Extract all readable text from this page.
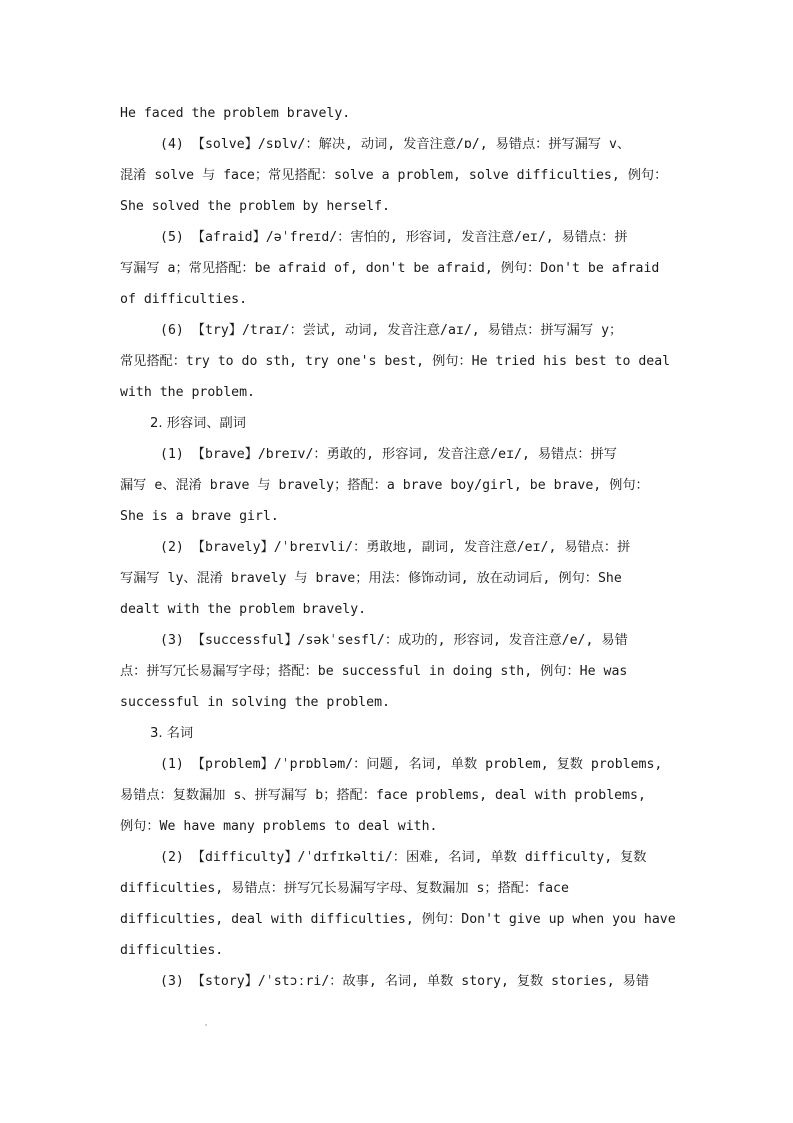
He faced the problem bravely.
(4) 【solve】/sɒlv/：解决, 动词, 发音注意/ɒ/, 易错点：拼写漏写 v、
混淆 solve 与 face；常见搭配：solve a problem, solve difficulties, 例句：
She solved the problem by herself.
(5) 【afraid】/əˈfreɪd/：害怕的, 形容词, 发音注意/eɪ/, 易错点：拼
写漏写 a；常见搭配：be afraid of, don't be afraid, 例句：Don't be afraid
of difficulties.
(6) 【try】/traɪ/：尝试, 动词, 发音注意/aɪ/, 易错点：拼写漏写 y；
常见搭配：try to do sth, try one's best, 例句：He tried his best to deal
with the problem.
2. 形容词、副词
(1) 【brave】/breɪv/：勇敢的, 形容词, 发音注意/eɪ/, 易错点：拼写
漏写 e、混淆 brave 与 bravely；搭配：a brave boy/girl, be brave, 例句：
She is a brave girl.
(2) 【bravely】/ˈbreɪvli/：勇敢地, 副词, 发音注意/eɪ/, 易错点：拼
写漏写 ly、混淆 bravely 与 brave；用法：修饰动词, 放在动词后, 例句：She
dealt with the problem bravely.
(3) 【successful】/səkˈsesfl/：成功的, 形容词, 发音注意/e/, 易错
点：拼写冗长易漏写字母；搭配：be successful in doing sth, 例句：He was
successful in solving the problem.
3. 名词
(1) 【problem】/ˈprɒbləm/：问题, 名词, 单数 problem, 复数 problems,
易错点：复数漏加 s、拼写漏写 b；搭配：face problems, deal with problems,
例句：We have many problems to deal with.
(2) 【difficulty】/ˈdɪfɪkəlti/：困难, 名词, 单数 difficulty, 复数
difficulties, 易错点：拼写冗长易漏写字母、复数漏加 s；搭配：face
difficulties, deal with difficulties, 例句：Don't give up when you have
difficulties.
(3) 【story】/ˈstɔːri/：故事, 名词, 单数 story, 复数 stories, 易错
